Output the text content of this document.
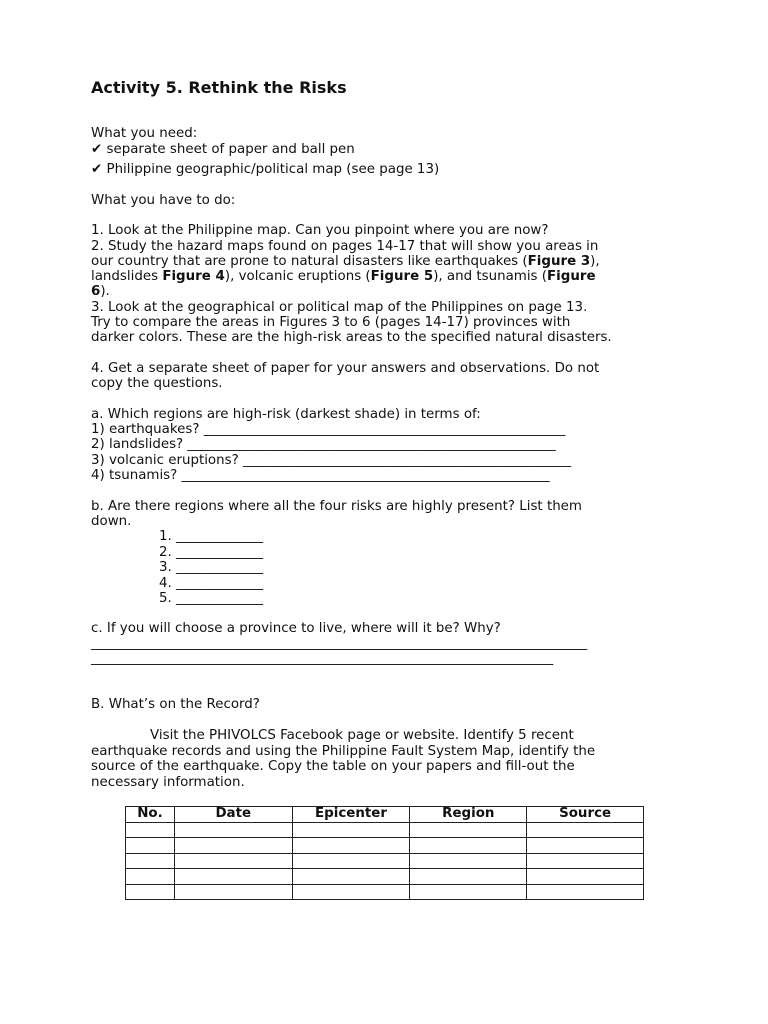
Activity 5. Rethink the Risks
What you need:
✔ separate sheet of paper and ball pen
✔ Philippine geographic/political map (see page 13)
What you have to do:
1. Look at the Philippine map. Can you pinpoint where you are now?
2. Study the hazard maps found on pages 14-17 that will show you areas in
our country that are prone to natural disasters like earthquakes (Figure 3),
landslides Figure 4), volcanic eruptions (Figure 5), and tsunamis (Figure
6).
3. Look at the geographical or political map of the Philippines on page 13.
Try to compare the areas in Figures 3 to 6 (pages 14-17) provinces with
darker colors. These are the high-risk areas to the specified natural disasters.
4. Get a separate sheet of paper for your answers and observations. Do not
copy the questions.
a. Which regions are high-risk (darkest shade) in terms of:
1) earthquakes? ______________________________________________________
2) landslides? _______________________________________________________
3) volcanic eruptions? _________________________________________________
4) tsunamis? _______________________________________________________
b. Are there regions where all the four risks are highly present? List them
down.
1. _____________
2. _____________
3. _____________
4. _____________
5. _____________
c. If you will choose a province to live, where will it be? Why?
_________________________________________________________________________
____________________________________________________________________
B. What’s on the Record?
Visit the PHIVOLCS Facebook page or website. Identify 5 recent
earthquake records and using the Philippine Fault System Map, identify the
source of the earthquake. Copy the table on your papers and fill-out the
necessary information.
No.	Date	Epicenter	Region	Source
